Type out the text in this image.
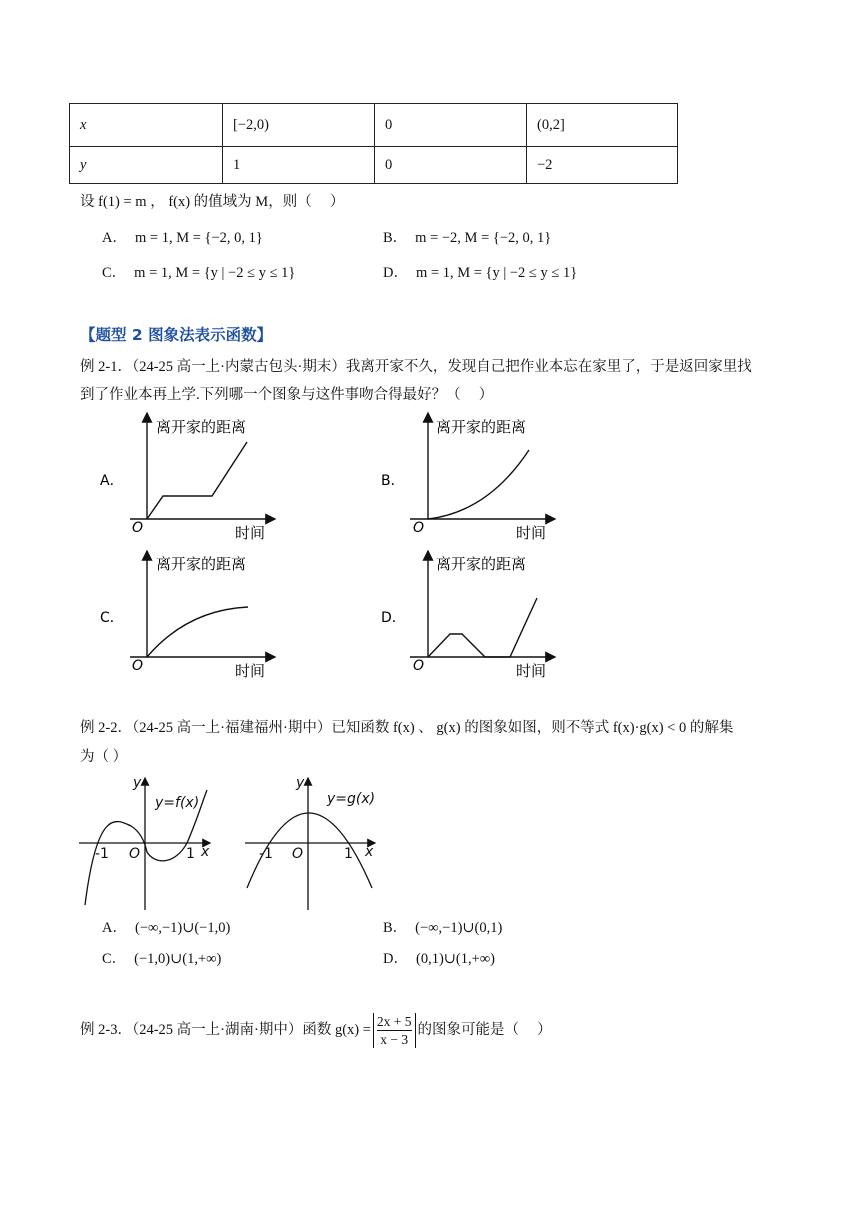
x	[−2,0)	0	(0,2]
y	1	0	−2
设 f(1) = m ， f(x) 的值域为 M，则（　 ）
A． m = 1, M = {−2, 0, 1}	B． m = −2, M = {−2, 0, 1}
C． m = 1, M = {y | −2 ≤ y ≤ 1}	D． m = 1, M = {y | −2 ≤ y ≤ 1}
【题型 2 图象法表示函数】
例 2-1．（24-25 高一上·内蒙古包头·期末）我离开家不久，发现自己把作业本忘在家里了，于是返回家里找
到了作业本再上学.下列哪一个图象与这件事吻合得最好？（　 ）
A．	B．
C．	D．
离开家的距离	离开家的距离
离开家的距离	离开家的距离
时间	时间
时间	时间
O	O
O	O
例 2-2．（24-25 高一上·福建福州·期中）已知函数 f(x) 、 g(x) 的图象如图，则不等式 f(x)·g(x) < 0 的解集
为（ ）
y
y=f(x)
-1 O	1 x
y
y=g(x)
-1 O	1 x
A． (−∞,−1)∪(−1,0)	B． (−∞,−1)∪(0,1)
C． (−1,0)∪(1,+∞)	D． (0,1)∪(1,+∞)
例 2-3．（24-25 高一上·湖南·期中）函数 $g(x) = \frac{2x + 5}{x - 3}$ 的图象可能是（　 ）
